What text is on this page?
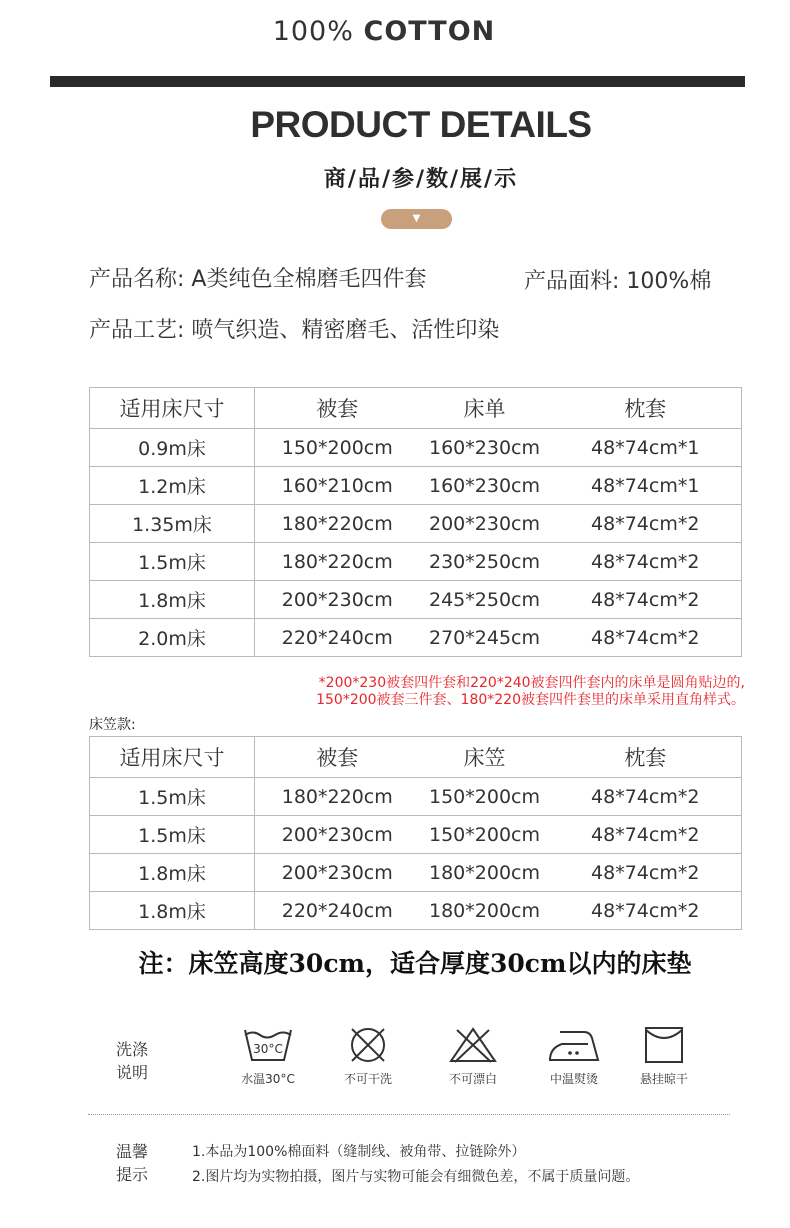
100% COTTON
PRODUCT DETAILS
商/品/参/数/展/示
▼
产品名称: A类纯色全棉磨毛四件套	产品面料: 100%棉
产品工艺: 喷气织造、精密磨毛、活性印染
适用床尺寸	被套	床单	枕套
0.9m床	150*200cm	160*230cm	48*74cm*1
1.2m床	160*210cm	160*230cm	48*74cm*1
1.35m床	180*220cm	200*230cm	48*74cm*2
1.5m床	180*220cm	230*250cm	48*74cm*2
1.8m床	200*230cm	245*250cm	48*74cm*2
2.0m床	220*240cm	270*245cm	48*74cm*2
*200*230被套四件套和220*240被套四件套内的床单是圆角贴边的,
150*200被套三件套、180*220被套四件套里的床单采用直角样式。
床笠款:
适用床尺寸	被套	床笠	枕套
1.5m床	180*220cm	150*200cm	48*74cm*2
1.5m床	200*230cm	150*200cm	48*74cm*2
1.8m床	200*230cm	180*200cm	48*74cm*2
1.8m床	220*240cm	180*200cm	48*74cm*2
注：床笠高度30cm，适合厚度30cm以内的床垫
洗涤
说明
30°C
水温30°C	不可干洗	不可漂白	中温熨烫	悬挂晾干
温馨
提示
1.本品为100%棉面料（缝制线、被角带、拉链除外）
2.图片均为实物拍摄，图片与实物可能会有细微色差，不属于质量问题。
